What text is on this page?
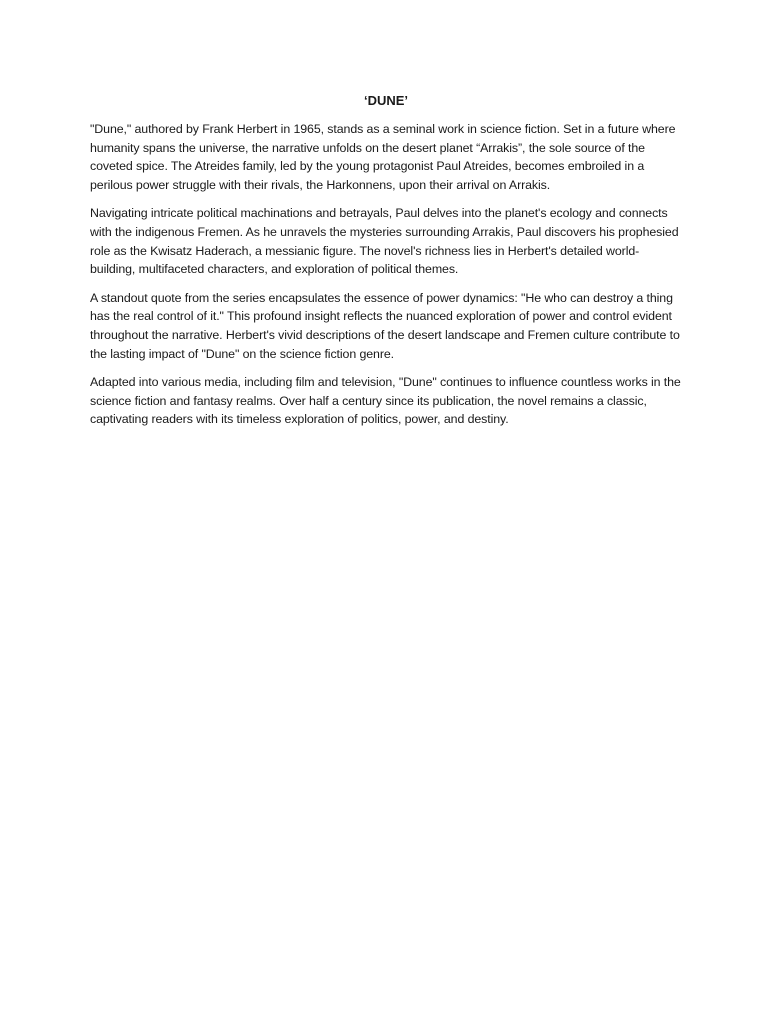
‘DUNE’

"Dune," authored by Frank Herbert in 1965, stands as a seminal work in science fiction. Set in a future where humanity spans the universe, the narrative unfolds on the desert planet “Arrakis”, the sole source of the coveted spice. The Atreides family, led by the young protagonist Paul Atreides, becomes embroiled in a perilous power struggle with their rivals, the Harkonnens, upon their arrival on Arrakis.

Navigating intricate political machinations and betrayals, Paul delves into the planet's ecology and connects with the indigenous Fremen. As he unravels the mysteries surrounding Arrakis, Paul discovers his prophesied role as the Kwisatz Haderach, a messianic figure. The novel's richness lies in Herbert's detailed world-building, multifaceted characters, and exploration of political themes.

A standout quote from the series encapsulates the essence of power dynamics: "He who can destroy a thing has the real control of it." This profound insight reflects the nuanced exploration of power and control evident throughout the narrative. Herbert's vivid descriptions of the desert landscape and Fremen culture contribute to the lasting impact of "Dune" on the science fiction genre.

Adapted into various media, including film and television, "Dune" continues to influence countless works in the science fiction and fantasy realms. Over half a century since its publication, the novel remains a classic, captivating readers with its timeless exploration of politics, power, and destiny.
